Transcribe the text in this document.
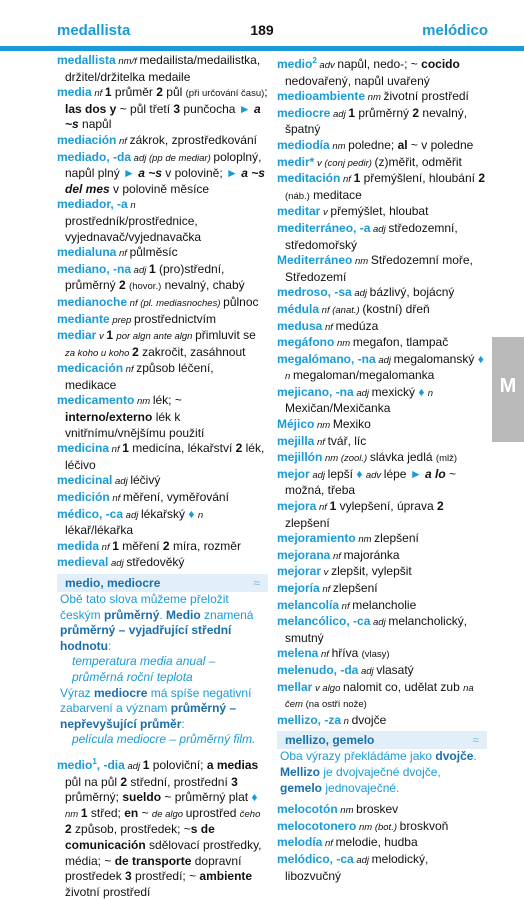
medallista	189	melódico
medallista nm/f medailista/medailistka, držitel/držitelka medaile
media nf 1 průměr 2 půl (při určování času); las dos y ~ půl třetí 3 punčocha ► a ~s napůl
mediación nf zákrok, zprostředkování
mediado, -da adj (pp de mediar) poloplný, napůl plný ► a ~s v polovině; ► a ~s del mes v polovině měsíce
mediador, -a n prostředník/prostřednice, vyjednavač/vyjednavačka
medialuna nf půlměsíc
mediano, -na adj 1 (pro)střední, průměrný 2 (hovor.) nevalný, chabý
medianoche nf (pl. mediasnoches) půlnoc
mediante prep prostřednictvím
mediar v 1 por algn ante algn přimluvit se za koho u koho 2 zakročit, zasáhnout
medicación nf způsob léčení, medikace
medicamento nm lék; ~ interno/externo lék k vnitřnímu/vnějšímu použití
medicina nf 1 medicína, lékařství 2 lék, léčivo
medicinal adj léčivý
medición nf měření, vyměřování
médico, -ca adj lékařský ♦ n lékař/lékařka
medida nf 1 měření 2 míra, rozměr
medieval adj středověký
medio, mediocre	≈
Obě tato slova můžeme přeložit českým průměrný. Medio znamená průměrný – vyjadřující střední hodnotu:
temperatura media anual – průměrná roční teplota
Výraz mediocre má spíše negativní zabarvení a význam průměrný – nepřevyšující průměr:
película mediocre – průměrný film.
medio$^1$, -dia adj 1 poloviční; a medias půl na půl 2 střední, prostřední 3 průměrný; sueldo ~ průměrný plat ♦ nm 1 střed; en ~ de algo uprostřed čeho 2 způsob, prostředek; ~s de comunicación sdělovací prostředky, média; ~ de transporte dopravní prostředek 3 prostředí; ~ ambiente životní prostředí
medio$^2$ adv napůl, nedo-; ~ cocido nedovařený, napůl uvařený
medioambiente nm životní prostředí
mediocre adj 1 průměrný 2 nevalný, špatný
mediodía nm poledne; al ~ v poledne
medir* v (conj pedir) (z)měřit, odměřit
meditación nf 1 přemýšlení, hloubání 2 (náb.) meditace
meditar v přemýšlet, hloubat
mediterráneo, -a adj středozemní, středomořský
Mediterráneo nm Středozemní moře, Středozemí
medroso, -sa adj bázlivý, bojácný
médula nf (anat.) (kostní) dřeň
medusa nf medúza
megáfono nm megafon, tlampač
megalómano, -na adj megalomanský ♦ n megaloman/megalomanka
mejicano, -na adj mexický ♦ n Mexičan/Mexičanka
Méjico nm Mexiko
mejilla nf tvář, líc
mejillón nm (zool.) slávka jedlá (mlž)
mejor adj lepší ♦ adv lépe ► a lo ~ možná, třeba
mejora nf 1 vylepšení, úprava 2 zlepšení
mejoramiento nm zlepšení
mejorana nf majoránka
mejorar v zlepšit, vylepšit
mejoría nf zlepšení
melancolía nf melancholie
melancólico, -ca adj melancholický, smutný
melena nf hříva (vlasy)
melenudo, -da adj vlasatý
mellar v algo nalomit co, udělat zub na čem (na ostří nože)
mellizo, -za n dvojče
mellizo, gemelo	≈
Oba výrazy překládáme jako dvojče. Mellizo je dvojvaječné dvojče, gemelo jednovaječné.
melocotón nm broskev
melocotonero nm (bot.) broskvoň
melodía nf melodie, hudba
melódico, -ca adj melodický, libozvučný
M
